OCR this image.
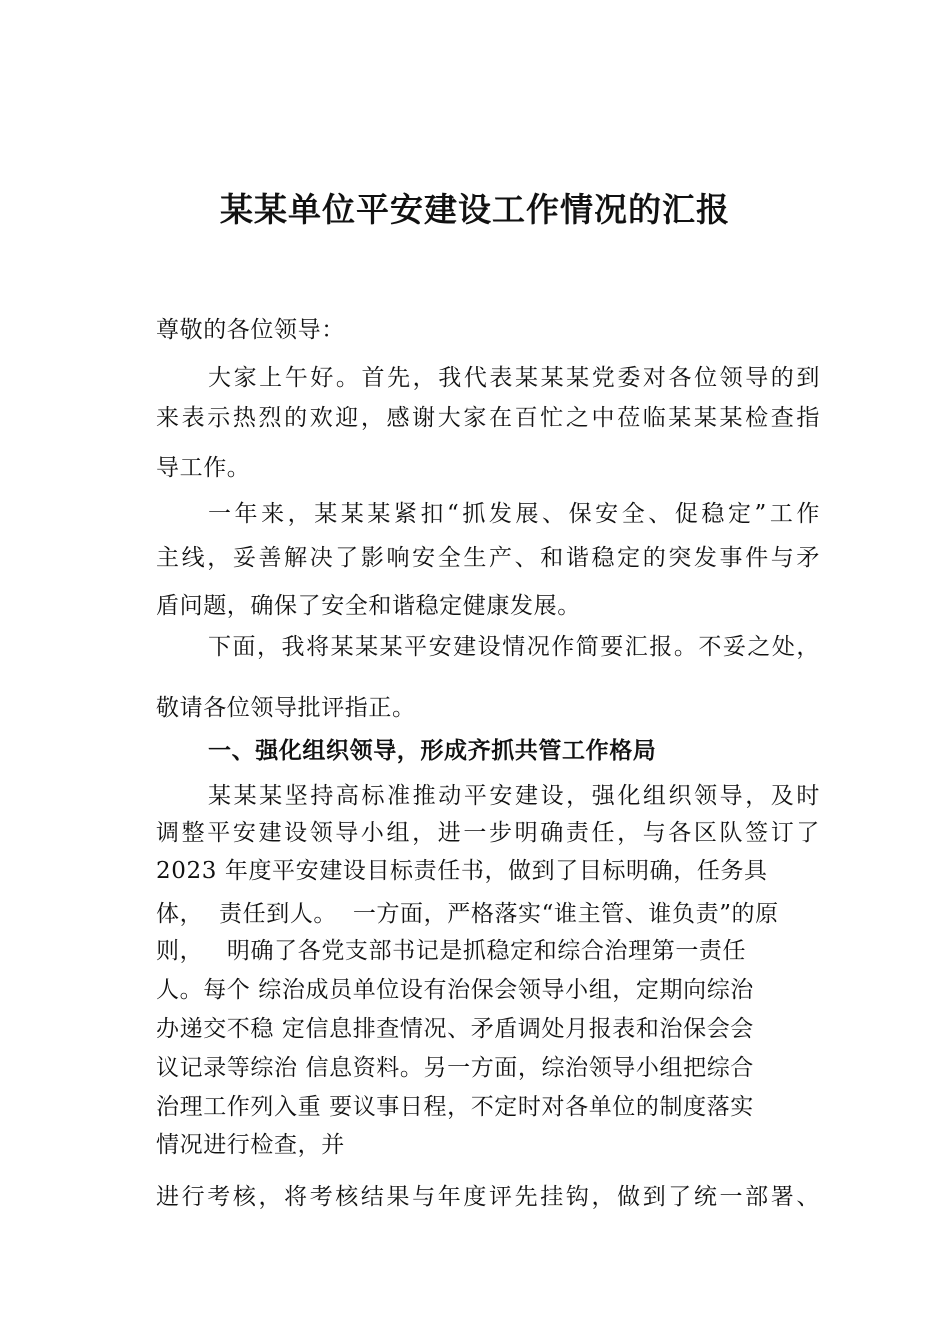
某某单位平安建设工作情况的汇报
尊敬的各位领导：
大家上午好。首先，我代表某某某党委对各位领导的到
来表示热烈的欢迎，感谢大家在百忙之中莅临某某某检查指
导工作。
一年来，某某某紧扣“抓发展、保安全、促稳定”工作
主线，妥善解决了影响安全生产、和谐稳定的突发事件与矛
盾问题，确保了安全和谐稳定健康发展。
下面，我将某某某平安建设情况作简要汇报。不妥之处，
敬请各位领导批评指正。
一、强化组织领导，形成齐抓共管工作格局
某某某坚持高标准推动平安建设，强化组织领导，及时
调整平安建设领导小组，进一步明确责任，与各区队签订了
2023 年度平安建设目标责任书，做到了目标明确，任务具
体，  责任到人。  一方面，严格落实“谁主管、谁负责”的原
则，   明确了各党支部书记是抓稳定和综合治理第一责任
人。每个 综治成员单位设有治保会领导小组，定期向综治
办递交不稳 定信息排查情况、矛盾调处月报表和治保会会
议记录等综治 信息资料。另一方面，综治领导小组把综合
治理工作列入重 要议事日程，不定时对各单位的制度落实
情况进行检查，并
进行考核，将考核结果与年度评先挂钩，做到了统一部署、
